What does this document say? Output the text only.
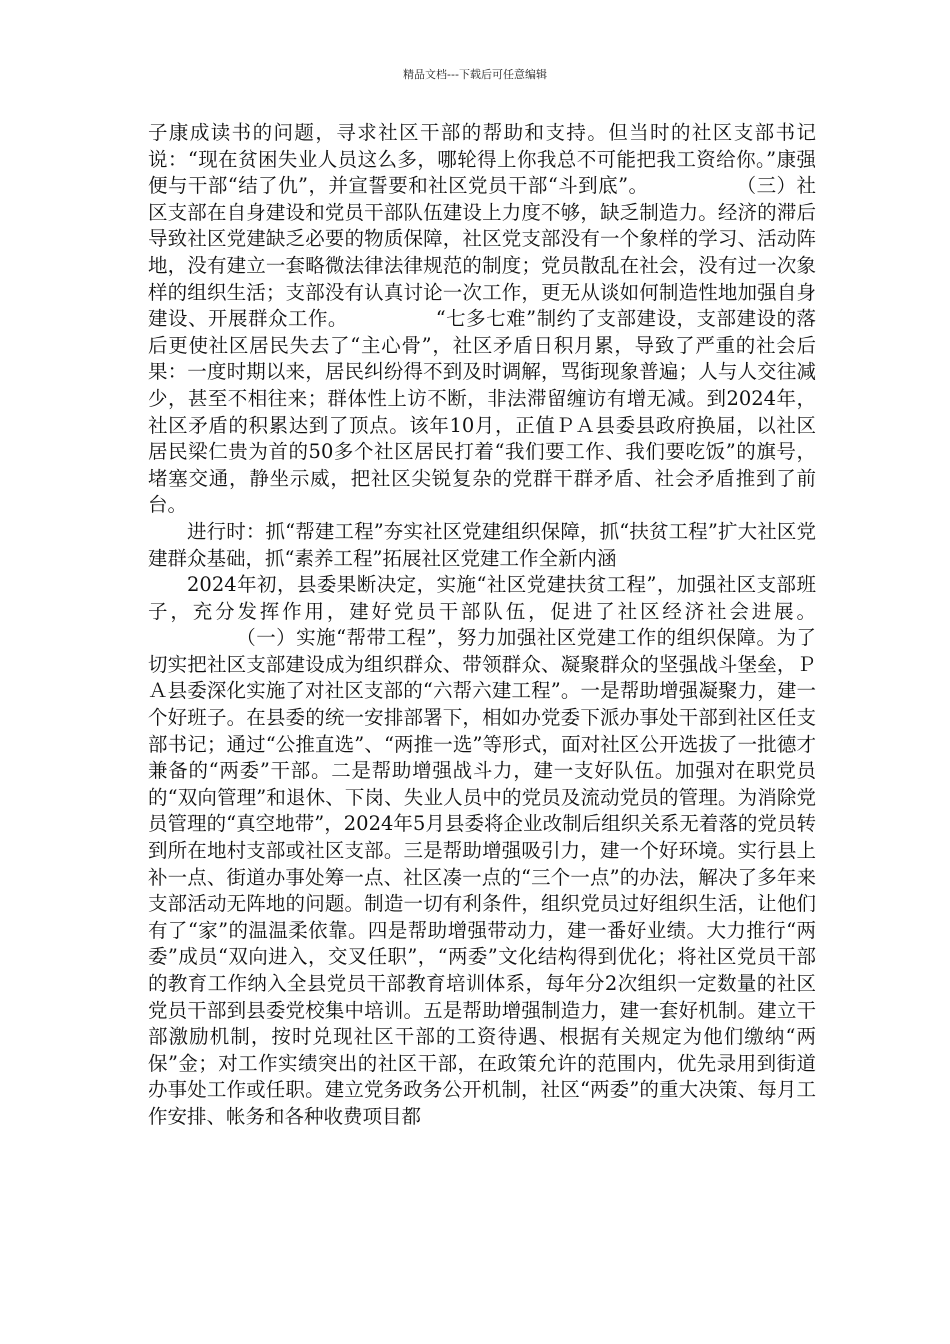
精品文档---下载后可任意编辑

子康成读书的问题，寻求社区干部的帮助和支持。但当时的社区支部书记说：“现在贫困失业人员这么多，哪轮得上你我总不可能把我工资给你。”康强便与干部“结了仇”，并宣誓要和社区党员干部“斗到底”。	（三）社区支部在自身建设和党员干部队伍建设上力度不够，缺乏制造力。经济的滞后导致社区党建缺乏必要的物质保障，社区党支部没有一个象样的学习、活动阵地，没有建立一套略微法律法律规范的制度；党员散乱在社会，没有过一次象样的组织生活；支部没有认真讨论一次工作，更无从谈如何制造性地加强自身建设、开展群众工作。	“七多七难”制约了支部建设，支部建设的落后更使社区居民失去了“主心骨”，社区矛盾日积月累，导致了严重的社会后果：一度时期以来，居民纠纷得不到及时调解，骂街现象普遍；人与人交往减少，甚至不相往来；群体性上访不断，非法滞留缠访有增无减。到2024年，社区矛盾的积累达到了顶点。该年10月，正值ＰＡ县委县政府换届，以社区居民梁仁贵为首的50多个社区居民打着“我们要工作、我们要吃饭”的旗号，堵塞交通，静坐示威，把社区尖锐复杂的党群干群矛盾、社会矛盾推到了前台。

进行时：抓“帮建工程”夯实社区党建组织保障，抓“扶贫工程”扩大社区党建群众基础，抓“素养工程”拓展社区党建工作全新内涵

2024年初，县委果断决定，实施“社区党建扶贫工程”，加强社区支部班子，充分发挥作用，建好党员干部队伍，促进了社区经济社会进展。（一）实施“帮带工程”，努力加强社区党建工作的组织保障。为了切实把社区支部建设成为组织群众、带领群众、凝聚群众的坚强战斗堡垒，ＰＡ县委深化实施了对社区支部的“六帮六建工程”。一是帮助增强凝聚力，建一个好班子。在县委的统一安排部署下，相如办党委下派办事处干部到社区任支部书记；通过“公推直选”、“两推一选”等形式，面对社区公开选拔了一批德才兼备的“两委”干部。二是帮助增强战斗力，建一支好队伍。加强对在职党员的“双向管理”和退休、下岗、失业人员中的党员及流动党员的管理。为消除党员管理的“真空地带”，2024年5月县委将企业改制后组织关系无着落的党员转到所在地村支部或社区支部。三是帮助增强吸引力，建一个好环境。实行县上补一点、街道办事处筹一点、社区凑一点的“三个一点”的办法，解决了多年来支部活动无阵地的问题。制造一切有利条件，组织党员过好组织生活，让他们有了“家”的温温柔依靠。四是帮助增强带动力，建一番好业绩。大力推行“两委”成员“双向进入，交叉任职”，“两委”文化结构得到优化；将社区党员干部的教育工作纳入全县党员干部教育培训体系，每年分2次组织一定数量的社区党员干部到县委党校集中培训。五是帮助增强制造力，建一套好机制。建立干部激励机制，按时兑现社区干部的工资待遇、根据有关规定为他们缴纳“两保”金；对工作实绩突出的社区干部，在政策允许的范围内，优先录用到街道办事处工作或任职。建立党务政务公开机制，社区“两委”的重大决策、每月工作安排、帐务和各种收费项目都
